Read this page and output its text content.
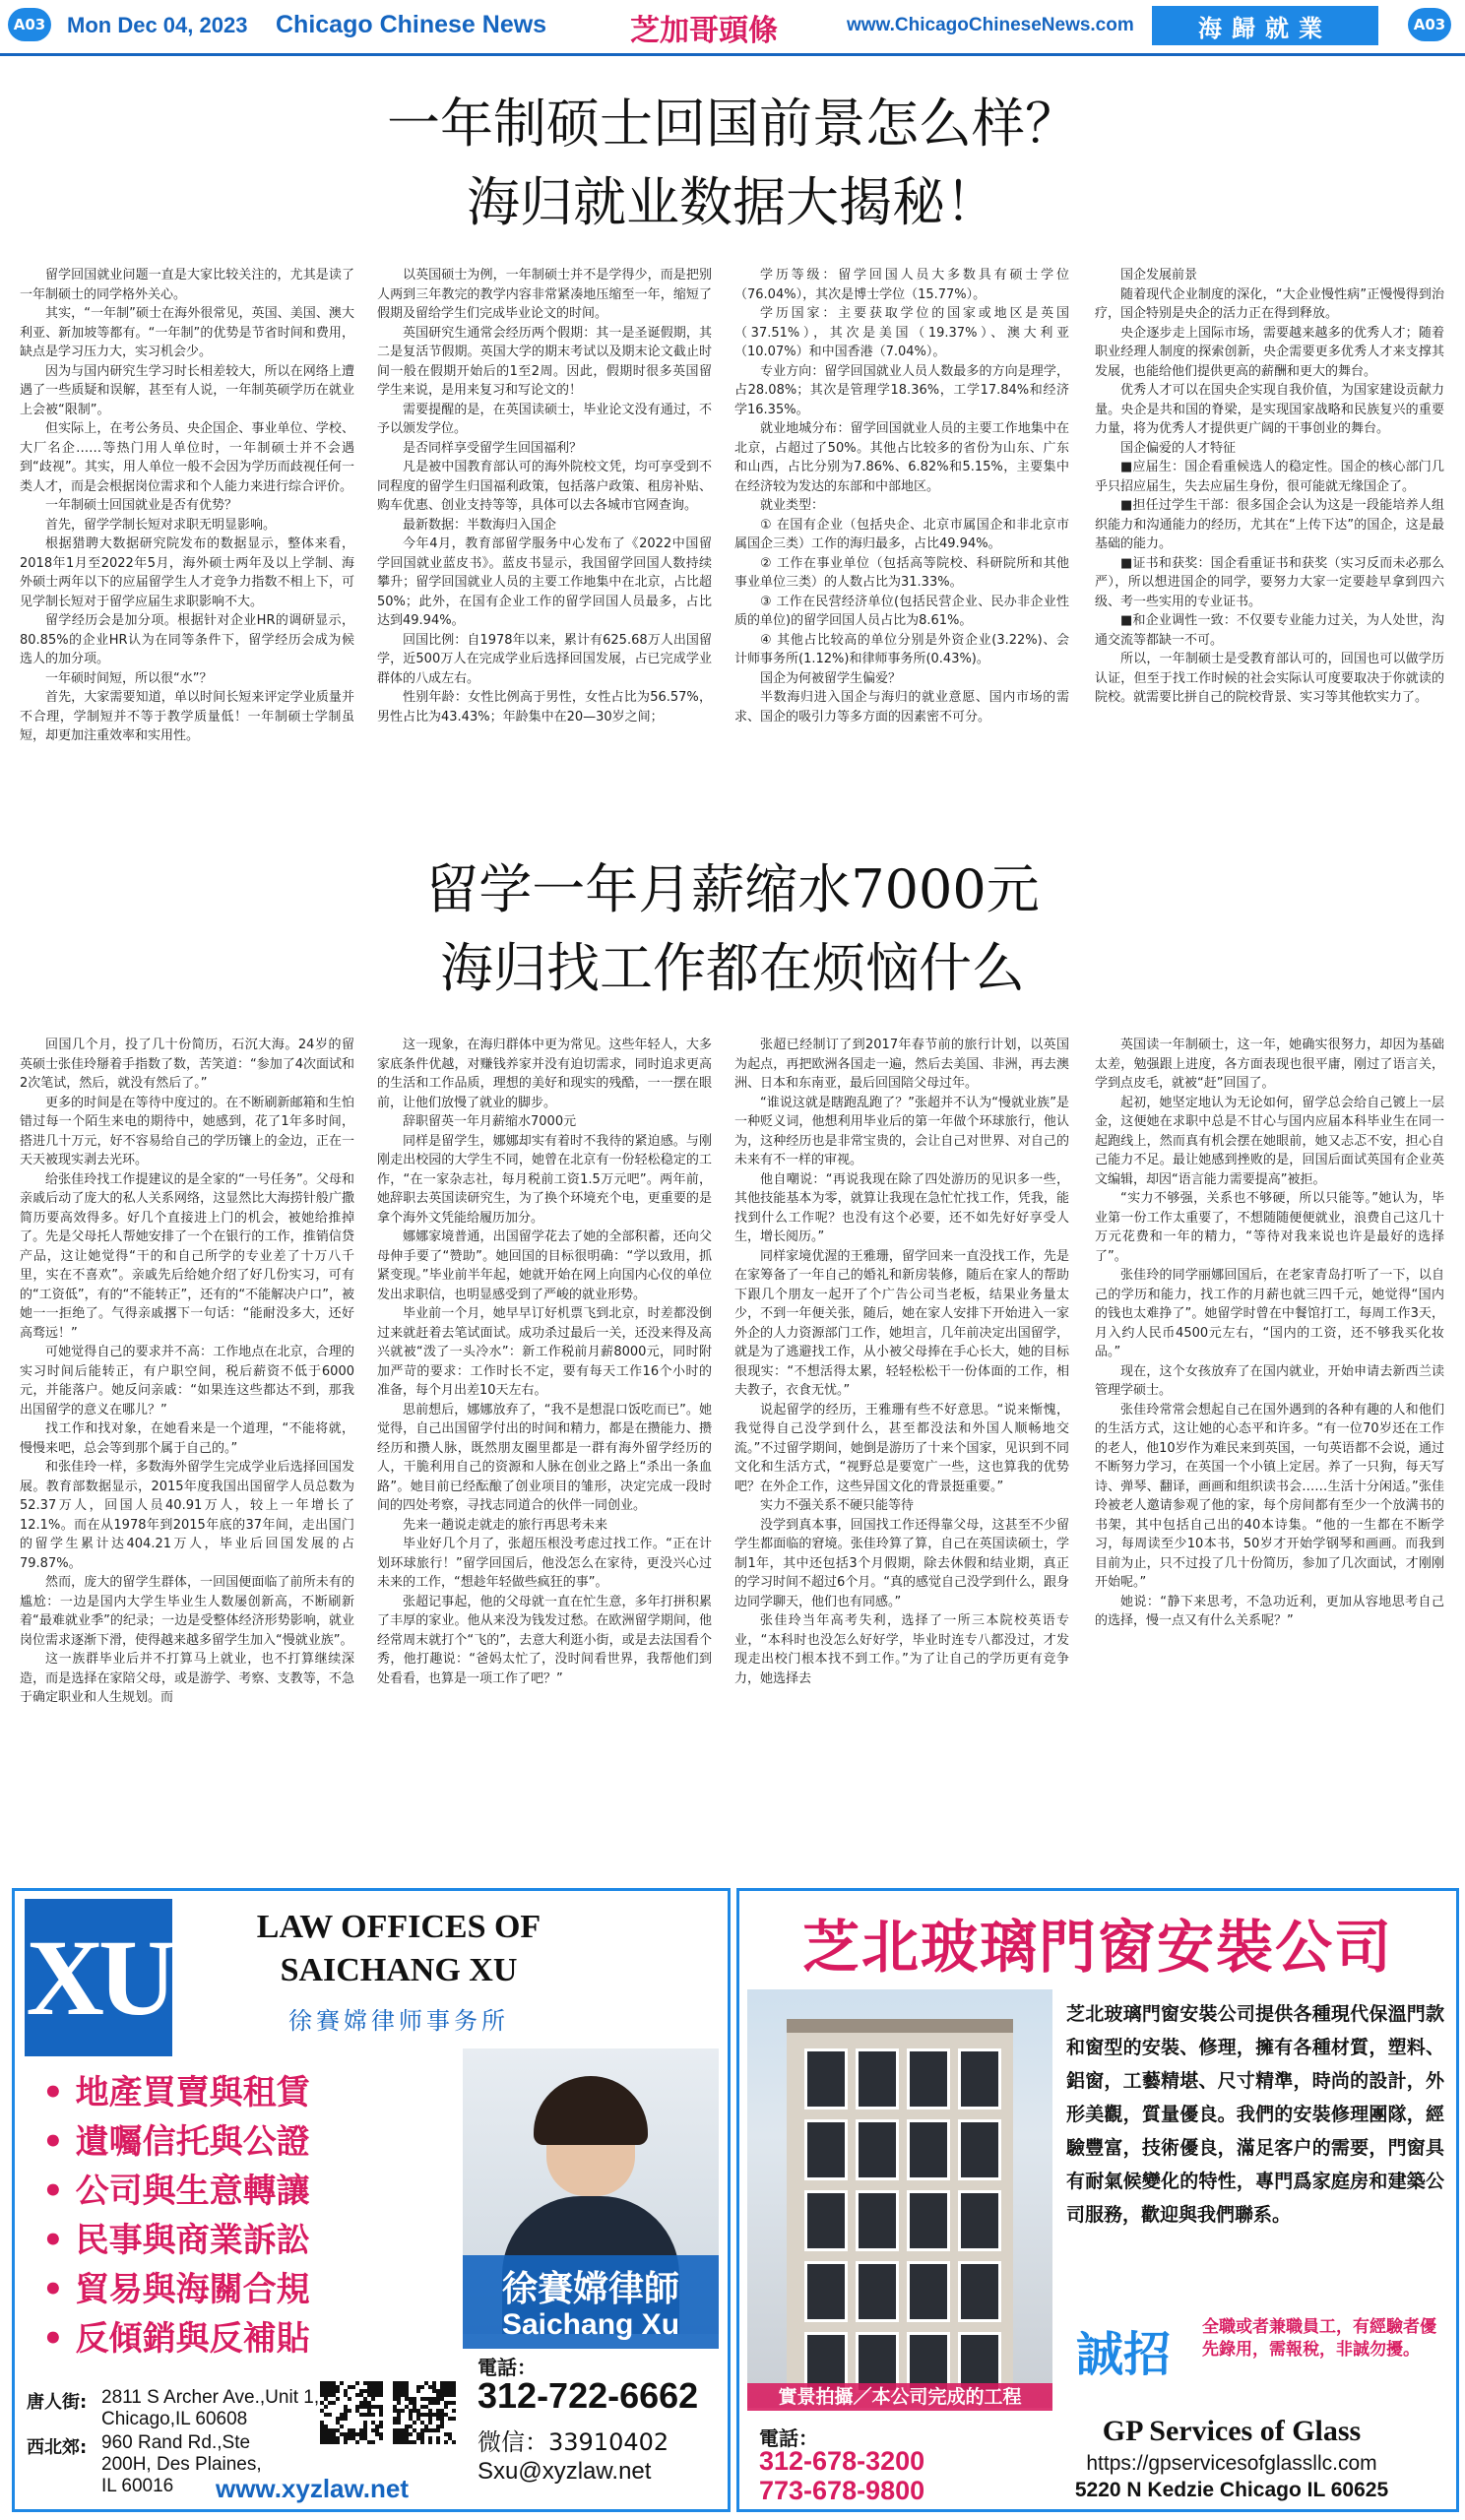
A03 Mon Dec 04, 2023 Chicago Chinese News	芝加哥頭條	www.ChicagoChineseNews.com	海歸就業	A03
一年制硕士回国前景怎么样？
海归就业数据大揭秘！

留学回国就业问题一直是大家比较关注的，尤其是读了一年制硕士的同学格外关心。

其实，“一年制”硕士在海外很常见，英国、美国、澳大利亚、新加坡等都有。“一年制”的优势是节省时间和费用，缺点是学习压力大，实习机会少。

因为与国内研究生学习时长相差较大，所以在网络上遭遇了一些质疑和误解，甚至有人说，一年制英硕学历在就业上会被“限制”。

但实际上，在考公务员、央企国企、事业单位、学校、大厂名企……等热门用人单位时，一年制硕士并不会遇到“歧视”。其实，用人单位一般不会因为学历而歧视任何一类人才，而是会根据岗位需求和个人能力来进行综合评价。

一年制硕士回国就业是否有优势？

首先，留学学制长短对求职无明显影响。

根据猎聘大数据研究院发布的数据显示，整体来看，2018年1月至2022年5月，海外硕士两年及以上学制、海外硕士两年以下的应届留学生人才竞争力指数不相上下，可见学制长短对于留学应届生求职影响不大。

留学经历会是加分项。根据针对企业HR的调研显示，80.85%的企业HR认为在同等条件下，留学经历会成为候选人的加分项。

一年硕时间短，所以很“水”？

首先，大家需要知道，单以时间长短来评定学业质量并不合理，学制短并不等于教学质量低！一年制硕士学制虽短，却更加注重效率和实用性。

以英国硕士为例，一年制硕士并不是学得少，而是把别人两到三年教完的教学内容非常紧凑地压缩至一年，缩短了假期及留给学生们完成毕业论文的时间。

英国研究生通常会经历两个假期：其一是圣诞假期，其二是复活节假期。英国大学的期末考试以及期末论文截止时间一般在假期开始后的1至2周。因此，假期时很多英国留学生来说，是用来复习和写论文的！

需要提醒的是，在英国读硕士，毕业论文没有通过，不予以颁发学位。

是否同样享受留学生回国福利？

凡是被中国教育部认可的海外院校文凭，均可享受到不同程度的留学生归国福利政策，包括落户政策、租房补贴、购车优惠、创业支持等等，具体可以去各城市官网查询。

最新数据：半数海归入国企

今年4月，教育部留学服务中心发布了《2022中国留学回国就业蓝皮书》。蓝皮书显示，我国留学回国人数持续攀升；留学回国就业人员的主要工作地集中在北京，占比超50%；此外，在国有企业工作的留学回国人员最多，占比达到49.94%。

回国比例：自1978年以来，累计有625.68万人出国留学，近500万人在完成学业后选择回国发展，占已完成学业群体的八成左右。

性别年龄：女性比例高于男性，女性占比为56.57%，男性占比为43.43%；年龄集中在20—30岁之间；

学历等级：留学回国人员大多数具有硕士学位（76.04%），其次是博士学位（15.77%）。

学历国家：主要获取学位的国家或地区是英国（37.51%），其次是美国（19.37%）、澳大利亚（10.07%）和中国香港（7.04%）。

专业方向：留学回国就业人员人数最多的方向是理学，占28.08%；其次是管理学18.36%，工学17.84%和经济学16.35%。

就业地城分布：留学回国就业人员的主要工作地集中在北京，占超过了50%。其他占比较多的省份为山东、广东和山西，占比分别为7.86%、6.82%和5.15%，主要集中在经济较为发达的东部和中部地区。

就业类型：

① 在国有企业（包括央企、北京市属国企和非北京市属国企三类）工作的海归最多，占比49.94%。

② 工作在事业单位（包括高等院校、科研院所和其他事业单位三类）的人数占比为31.33%。

③ 工作在民营经济单位(包括民营企业、民办非企业性质的单位)的留学回国人员占比为8.61%。

④ 其他占比较高的单位分别是外资企业(3.22%)、会计师事务所(1.12%)和律师事务所(0.43%)。

国企为何被留学生偏爱？

半数海归进入国企与海归的就业意愿、国内市场的需求、国企的吸引力等多方面的因素密不可分。

国企发展前景

随着现代企业制度的深化，“大企业慢性病”正慢慢得到治疗，国企特别是央企的活力正在得到释放。

央企逐步走上国际市场，需要越来越多的优秀人才；随着职业经理人制度的探索创新，央企需要更多优秀人才来支撑其发展，也能给他们提供更高的薪酬和更大的舞台。

优秀人才可以在国央企实现自我价值，为国家建设贡献力量。央企是共和国的脊梁，是实现国家战略和民族复兴的重要力量，将为优秀人才提供更广阔的干事创业的舞台。

国企偏爱的人才特征

■应届生：国企看重候选人的稳定性。国企的核心部门几乎只招应届生，失去应届生身份，很可能就无缘国企了。

■担任过学生干部：很多国企会认为这是一段能培养人组织能力和沟通能力的经历，尤其在“上传下达”的国企，这是最基础的能力。

■证书和获奖：国企看重证书和获奖（实习反而未必那么严），所以想进国企的同学，要努力大家一定要趁早拿到四六级、考一些实用的专业证书。

■和企业调性一致：不仅要专业能力过关，为人处世，沟通交流等都缺一不可。

所以，一年制硕士是受教育部认可的，回国也可以做学历认证，但至于找工作时候的社会实际认可度要取决于你就读的院校。就需要比拼自己的院校背景、实习等其他软实力了。

留学一年月薪缩水7000元
海归找工作都在烦恼什么

回国几个月，投了几十份简历，石沉大海。24岁的留英硕士张佳玲掰着手指数了数，苦笑道：“参加了4次面试和2次笔试，然后，就没有然后了。”

更多的时间是在等待中度过的。在不断刷新邮箱和生怕错过每一个陌生来电的期待中，她感到，花了1年多时间，搭进几十万元，好不容易给自己的学历镶上的金边，正在一天天被现实剥去光环。

给张佳玲找工作提建议的是全家的“一号任务”。父母和亲戚后动了庞大的私人关系网络，这显然比大海捞针般广撒简历要高效得多。好几个直接进上门的机会，被她给推掉了。先是父母托人帮她安排了一个在银行的工作，推销信贷产品，这让她觉得“干的和自己所学的专业差了十万八千里，实在不喜欢”。亲戚先后给她介绍了好几份实习，可有的“工资低”，有的“不能转正”，还有的“不能解决户口”，被她一一拒绝了。气得亲戚撂下一句话：“能耐没多大，还好高骛远！”

可她觉得自己的要求并不高：工作地点在北京，合理的实习时间后能转正，有户职空间，税后薪资不低于6000元，并能落户。她反问亲戚：“如果连这些都达不到，那我出国留学的意义在哪儿？”

找工作和找对象，在她看来是一个道理，“不能将就，慢慢来吧，总会等到那个属于自己的。”

和张佳玲一样，多数海外留学生完成学业后选择回国发展。教育部数据显示，2015年度我国出国留学人员总数为52.37万人，回国人员40.91万人，较上一年增长了12.1%。而在从1978年到2015年底的37年间，走出国门的留学生累计达404.21万人，毕业后回国发展的占79.87%。

然而，庞大的留学生群体，一回国便面临了前所未有的尴尬：一边是国内大学生毕业生人数屡创新高，不断刷新着“最难就业季”的纪录；一边是受整体经济形势影响，就业岗位需求逐渐下滑，使得越来越多留学生加入“慢就业族”。

这一族群毕业后并不打算马上就业，也不打算继续深造，而是选择在家陪父母，或是游学、考察、支教等，不急于确定职业和人生规划。而

这一现象，在海归群体中更为常见。这些年轻人，大多家底条件优越，对赚钱养家并没有迫切需求，同时追求更高的生活和工作品质，理想的美好和现实的残酷，一一摆在眼前，让他们放慢了就业的脚步。

辞职留英一年月薪缩水7000元

同样是留学生，娜娜却实有着时不我待的紧迫感。与刚刚走出校园的大学生不同，她曾在北京有一份轻松稳定的工作，“在一家杂志社，每月税前工资1.5万元吧”。两年前，她辞职去英国读研究生，为了换个环境充个电，更重要的是拿个海外文凭能给履历加分。

娜娜家境普通，出国留学花去了她的全部积蓄，还向父母伸手要了“赞助”。她回国的目标很明确：“学以致用，抓紧变现。”毕业前半年起，她就开始在网上向国内心仪的单位发出求职信，也明显感受到了严峻的就业形势。

毕业前一个月，她早早订好机票飞到北京，时差都没倒过来就赶着去笔试面试。成功杀过最后一关，还没来得及高兴就被“泼了一头冷水”：新工作税前月薪8000元，同时附加严苛的要求：工作时长不定，要有每天工作16个小时的准备，每个月出差10天左右。

思前想后，娜娜放弃了，“我不是想混口饭吃而已”。她觉得，自己出国留学付出的时间和精力，都是在攒能力、攒经历和攒人脉，既然朋友圈里都是一群有海外留学经历的人，干脆利用自己的资源和人脉在创业之路上“杀出一条血路”。她目前已经酝酿了创业项目的雏形，决定完成一段时间的四处考察，寻找志同道合的伙伴一同创业。

先来一趟说走就走的旅行再思考未来

毕业好几个月了，张超压根没考虑过找工作。“正在计划环球旅行！”留学回国后，他没怎么在家待，更没兴心过未来的工作，“想趁年轻做些疯狂的事”。

张超记事起，他的父母就一直在忙生意，多年打拼积累了丰厚的家业。他从来没为钱发过愁。在欧洲留学期间，他经常周末就打个“飞的”，去意大利逛小街，或是去法国看个秀，他打趣说：“爸妈太忙了，没时间看世界，我帮他们到处看看，也算是一项工作了吧？”

张超已经制订了到2017年春节前的旅行计划，以英国为起点，再把欧洲各国走一遍，然后去美国、非洲，再去澳洲、日本和东南亚，最后回国陪父母过年。

“谁说这就是瞎跑乱跑了？”张超并不认为“慢就业族”是一种贬义词，他想利用毕业后的第一年做个环球旅行，他认为，这种经历也是非常宝贵的，会让自己对世界、对自己的未来有不一样的审视。

他自嘲说：“再说我现在除了四处游历的见识多一些，其他技能基本为零，就算让我现在急忙忙找工作，凭我，能找到什么工作呢？也没有这个必要，还不如先好好享受人生，增长阅历。”

同样家境优渥的王雅珊，留学回来一直没找工作，先是在家筹备了一年自己的婚礼和新房装修，随后在家人的帮助下跟几个朋友一起开了个广告公司当老板，结果业务量太少，不到一年便关张，随后，她在家人安排下开始进入一家外企的人力资源部门工作，她坦言，几年前决定出国留学，就是为了逃避找工作，从小被父母捧在手心长大，她的目标很现实：“不想活得太累，轻轻松松干一份体面的工作，相夫教子，衣食无忧。”

说起留学的经历，王雅珊有些不好意思。“说来惭愧，我觉得自己没学到什么，甚至都没法和外国人顺畅地交流。”不过留学期间，她倒是游历了十来个国家，见识到不同文化和生活方式，“视野总是要宽广一些，这也算我的优势吧？在外企工作，这些异国文化的背景挺重要。”

实力不强关系不硬只能等待

没学到真本事，回国找工作还得靠父母，这甚至不少留学生都面临的窘境。张佳玲算了算，自己在英国读硕士，学制1年，其中还包括3个月假期，除去休假和结业期，真正的学习时间不超过6个月。“真的感觉自己没学到什么，跟身边同学聊天，他们也有同感。”

张佳玲当年高考失利，选择了一所三本院校英语专业，“本科时也没怎么好好学，毕业时连专八都没过，才发现走出校门根本找不到工作。”为了让自己的学历更有竞争力，她选择去

英国读一年制硕士，这一年，她确实很努力，却因为基础太差，勉强跟上进度，各方面表现也很平庸，刚过了语言关，学到点皮毛，就被“赶”回国了。

起初，她坚定地认为无论如何，留学总会给自己镀上一层金，这便她在求职中总是不甘心与国内应届本科毕业生在同一起跑线上，然而真有机会摆在她眼前，她又忐忑不安，担心自己能力不足。最让她感到挫败的是，回国后面试英国有企业英文编辑，却因“语言能力需要提高”被拒。

“实力不够强，关系也不够硬，所以只能等。”她认为，毕业第一份工作太重要了，不想随随便便就业，浪费自己这几十万元花费和一年的精力，“等待对我来说也许是最好的选择了”。

张佳玲的同学丽娜回国后，在老家青岛打听了一下，以自己的学历和能力，找工作的月薪也就三四千元，她觉得“国内的钱也太难挣了”。她留学时曾在中餐馆打工，每周工作3天，月入约人民币4500元左右，“国内的工资，还不够我买化妆品。”

现在，这个女孩放弃了在国内就业，开始申请去新西兰读管理学硕士。

张佳玲常常会想起自己在国外遇到的各种有趣的人和他们的生活方式，这让她的心态平和许多。“有一位70岁还在工作的老人，他10岁作为难民来到英国，一句英语都不会说，通过不断努力学习，在英国一个小镇上定居。养了一只狗，每天写诗、弹琴、翻译，画画和组织读书会……生活十分闲适。”张佳玲被老人邀请参观了他的家，每个房间都有至少一个放满书的书架，其中包括自己出的40本诗集。“他的一生都在不断学习，每周读至少10本书，50岁才开始学钢琴和画画。而我到目前为止，只不过投了几十份简历，参加了几次面试，才刚刚开始呢。”

她说：“静下来思考，不急功近利，更加从容地思考自己的选择，慢一点又有什么关系呢？”

XU	LAW OFFICES OF
SAICHANG XU
徐賽嫦律师事务所
• 地產買賣與租賃
• 遺囑信托與公證
• 公司與生意轉讓
• 民事與商業訴訟
• 貿易與海關合規
• 反傾銷與反補貼
徐賽嫦律師
Saichang Xu
唐人街: 2811 S Archer Ave.,Unit 1,
Chicago,IL 60608
西北郊: 960 Rand Rd.,Ste
200H, Des Plaines,
IL 60016	www.xyzlaw.net
電話：
312-722-6662
微信：33910402
Sxu@xyzlaw.net
芝北玻璃門窗安裝公司
實景拍攝／本公司完成的工程
芝北玻璃門窗安裝公司提供各種現代保溫門款和窗型的安裝、修理，擁有各種材質，塑料、鋁窗，工藝精堪、尺寸精準，時尚的設計，外形美觀，質量優良。我們的安裝修理團隊，經驗豐富，技術優良，滿足客户的需要，門窗具有耐氣候變化的特性，專門爲家庭房和建築公司服務，歡迎與我們聯系。
誠招 全職或者兼職員工，有經驗者優先錄用，需報稅，非誠勿擾。
電話：
312-678-3200
773-678-9800
GP Services of Glass
https://gpservicesofglassllc.com
5220 N Kedzie Chicago IL 60625
